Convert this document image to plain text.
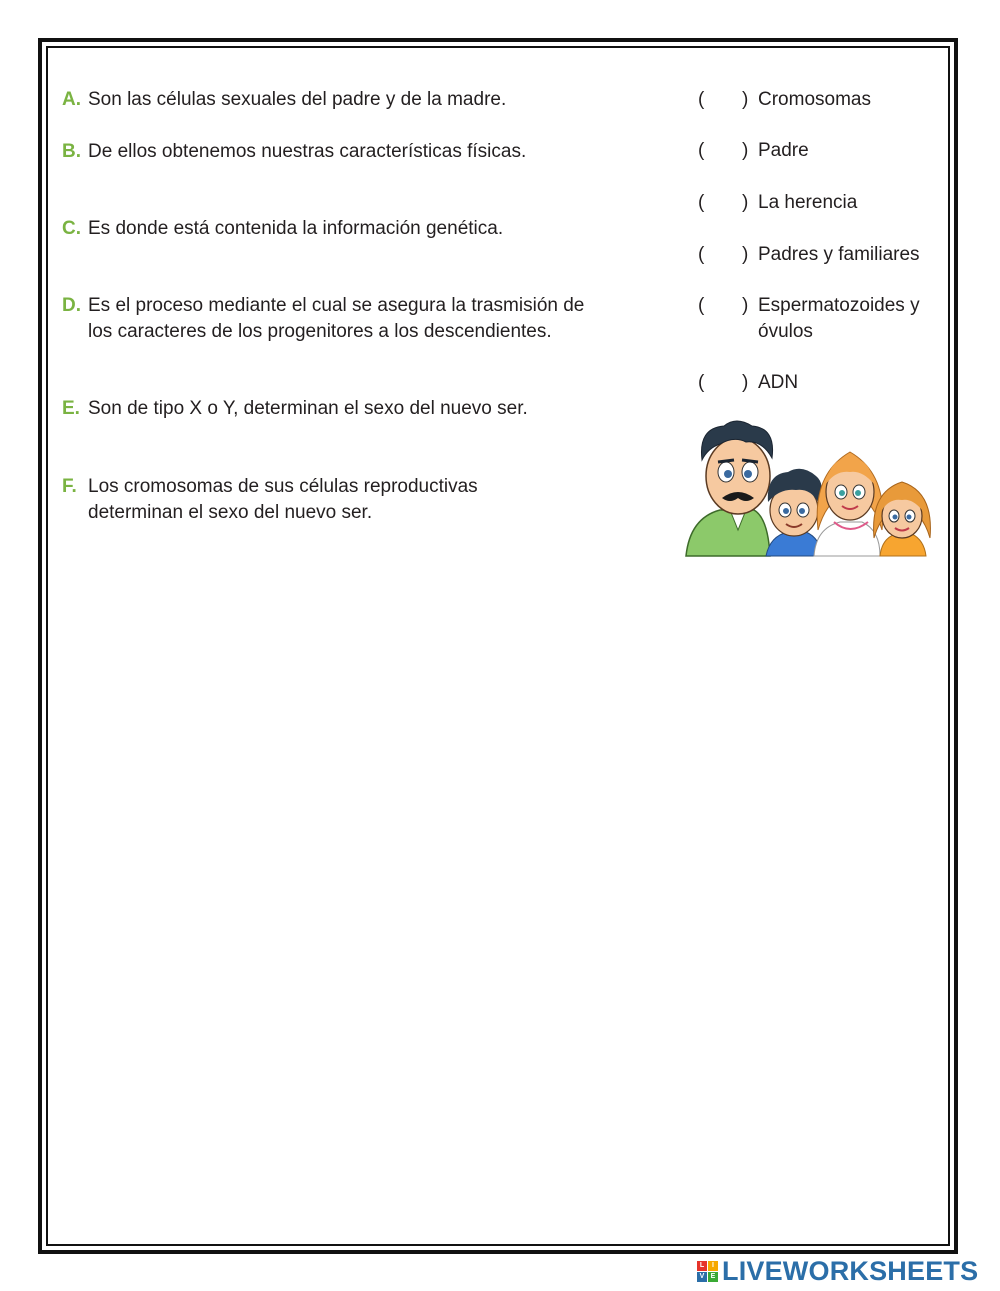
A. Son las células sexuales del padre y de la madre.
B. De ellos obtenemos nuestras características físicas.
C. Es donde está contenida la información genética.
D. Es el proceso mediante el cual se asegura la trasmisión de los caracteres de los progenitores a los descendientes.
E. Son de tipo X o Y, determinan el sexo del nuevo ser.
F. Los cromosomas de sus células reproductivas determinan el sexo del nuevo ser.
( ) Cromosomas
( ) Padre
( ) La herencia
( ) Padres y familiares
( ) Espermatozoides y óvulos
( ) ADN
L	I
V E LIVEWORKSHEETS
